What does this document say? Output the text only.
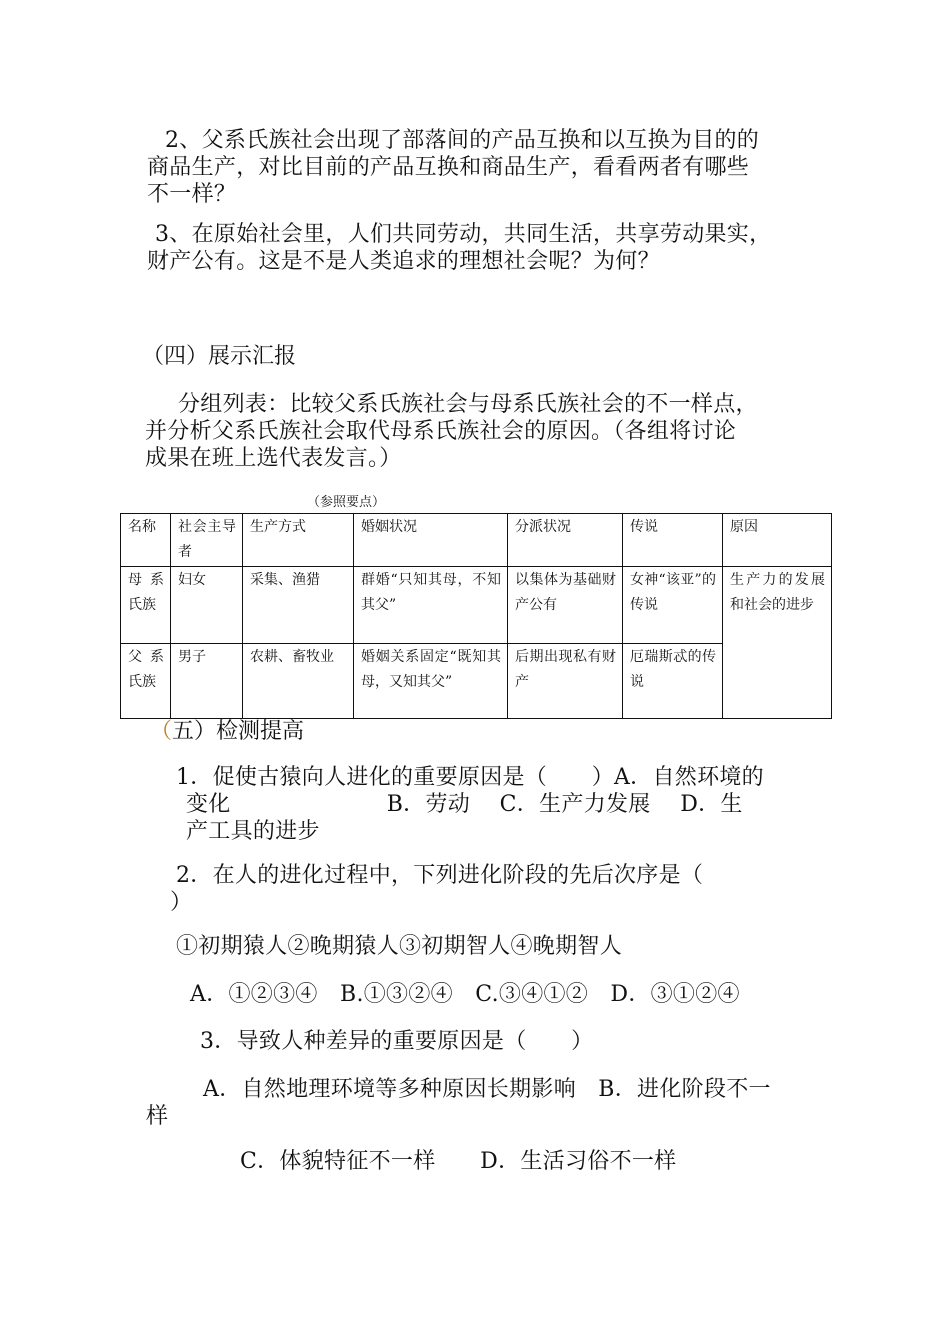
2、父系氏族社会出现了部落间的产品互换和以互换为目的的

商品生产，对比目前的产品互换和商品生产，看看两者有哪些

不一样？

3、在原始社会里，人们共同劳动，共同生活，共享劳动果实，

财产公有。这是不是人类追求的理想社会呢？为何？

（四）展示汇报

分组列表：比较父系氏族社会与母系氏族社会的不一样点，

并分析父系氏族社会取代母系氏族社会的原因。（各组将讨论

成果在班上选代表发言。）

（参照要点）
名称	社会主导者	生产方式	婚姻状况	分派状况	传说	原因
母系氏族	妇女	采集、渔猎	群婚“只知其母，不知其父”	以集体为基础财产公有	女神“该亚”的传说	生产力的发展和社会的进步
父系氏族	男子	农耕、畜牧业	婚姻关系固定“既知其母，又知其父”	后期出现私有财产	厄瑞斯忒的传说	
（五）检测提高

1．促使古猿向人进化的重要原因是（　　）A．自然环境的

变化　　　　　　　B．劳动　 C．生产力发展　 D．生

产工具的进步

2．在人的进化过程中，下列进化阶段的先后次序是（

）

①初期猿人②晚期猿人③初期智人④晚期智人
A．①②③④　B.①③②④　C.③④①②　D．③①②④
3．导致人种差异的重要原因是（　　）
A．自然地理环境等多种原因长期影响　B．进化阶段不一
样
C．体貌特征不一样　　D．生活习俗不一样
